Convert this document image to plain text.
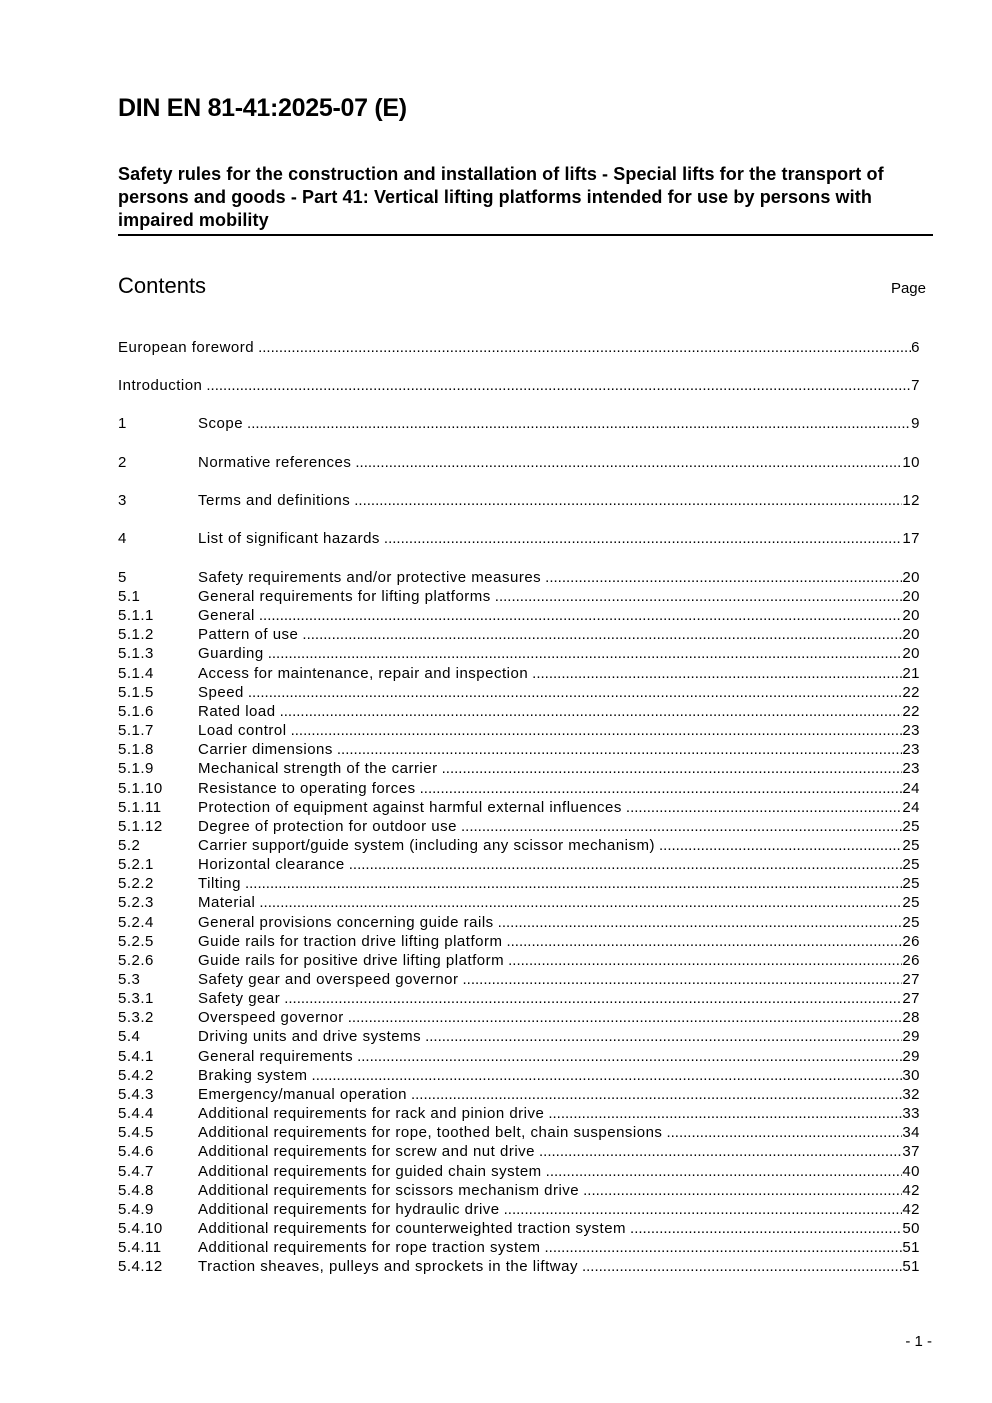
DIN EN 81-41:2025-07 (E)
Safety rules for the construction and installation of lifts - Special lifts for the transport of persons and goods - Part 41: Vertical lifting platforms intended for use by persons with impaired mobility
Contents	Page
European foreword .....	6
Introduction .....	7
1	Scope .....	9
2	Normative references .....	10
3	Terms and definitions .....	12
4	List of significant hazards .....	17
5	Safety requirements and/or protective measures .....	20
5.1	General requirements for lifting platforms .....	20
5.1.1	General .....	20
5.1.2	Pattern of use .....	20
5.1.3	Guarding .....	20
5.1.4	Access for maintenance, repair and inspection .....	21
5.1.5	Speed .....	22
5.1.6	Rated load .....	22
5.1.7	Load control .....	23
5.1.8	Carrier dimensions .....	23
5.1.9	Mechanical strength of the carrier .....	23
5.1.10	Resistance to operating forces .....	24
5.1.11	Protection of equipment against harmful external influences .....	24
5.1.12	Degree of protection for outdoor use .....	25
5.2	Carrier support/guide system (including any scissor mechanism) .....	25
5.2.1	Horizontal clearance .....	25
5.2.2	Tilting .....	25
5.2.3	Material .....	25
5.2.4	General provisions concerning guide rails .....	25
5.2.5	Guide rails for traction drive lifting platform .....	26
5.2.6	Guide rails for positive drive lifting platform .....	26
5.3	Safety gear and overspeed governor .....	27
5.3.1	Safety gear .....	27
5.3.2	Overspeed governor .....	28
5.4	Driving units and drive systems .....	29
5.4.1	General requirements .....	29
5.4.2	Braking system .....	30
5.4.3	Emergency/manual operation .....	32
5.4.4	Additional requirements for rack and pinion drive .....	33
5.4.5	Additional requirements for rope, toothed belt, chain suspensions .....	34
5.4.6	Additional requirements for screw and nut drive .....	37
5.4.7	Additional requirements for guided chain system .....	40
5.4.8	Additional requirements for scissors mechanism drive .....	42
5.4.9	Additional requirements for hydraulic drive .....	42
5.4.10	Additional requirements for counterweighted traction system .....	50
5.4.11	Additional requirements for rope traction system .....	51
5.4.12	Traction sheaves, pulleys and sprockets in the liftway .....	51
- 1 -
